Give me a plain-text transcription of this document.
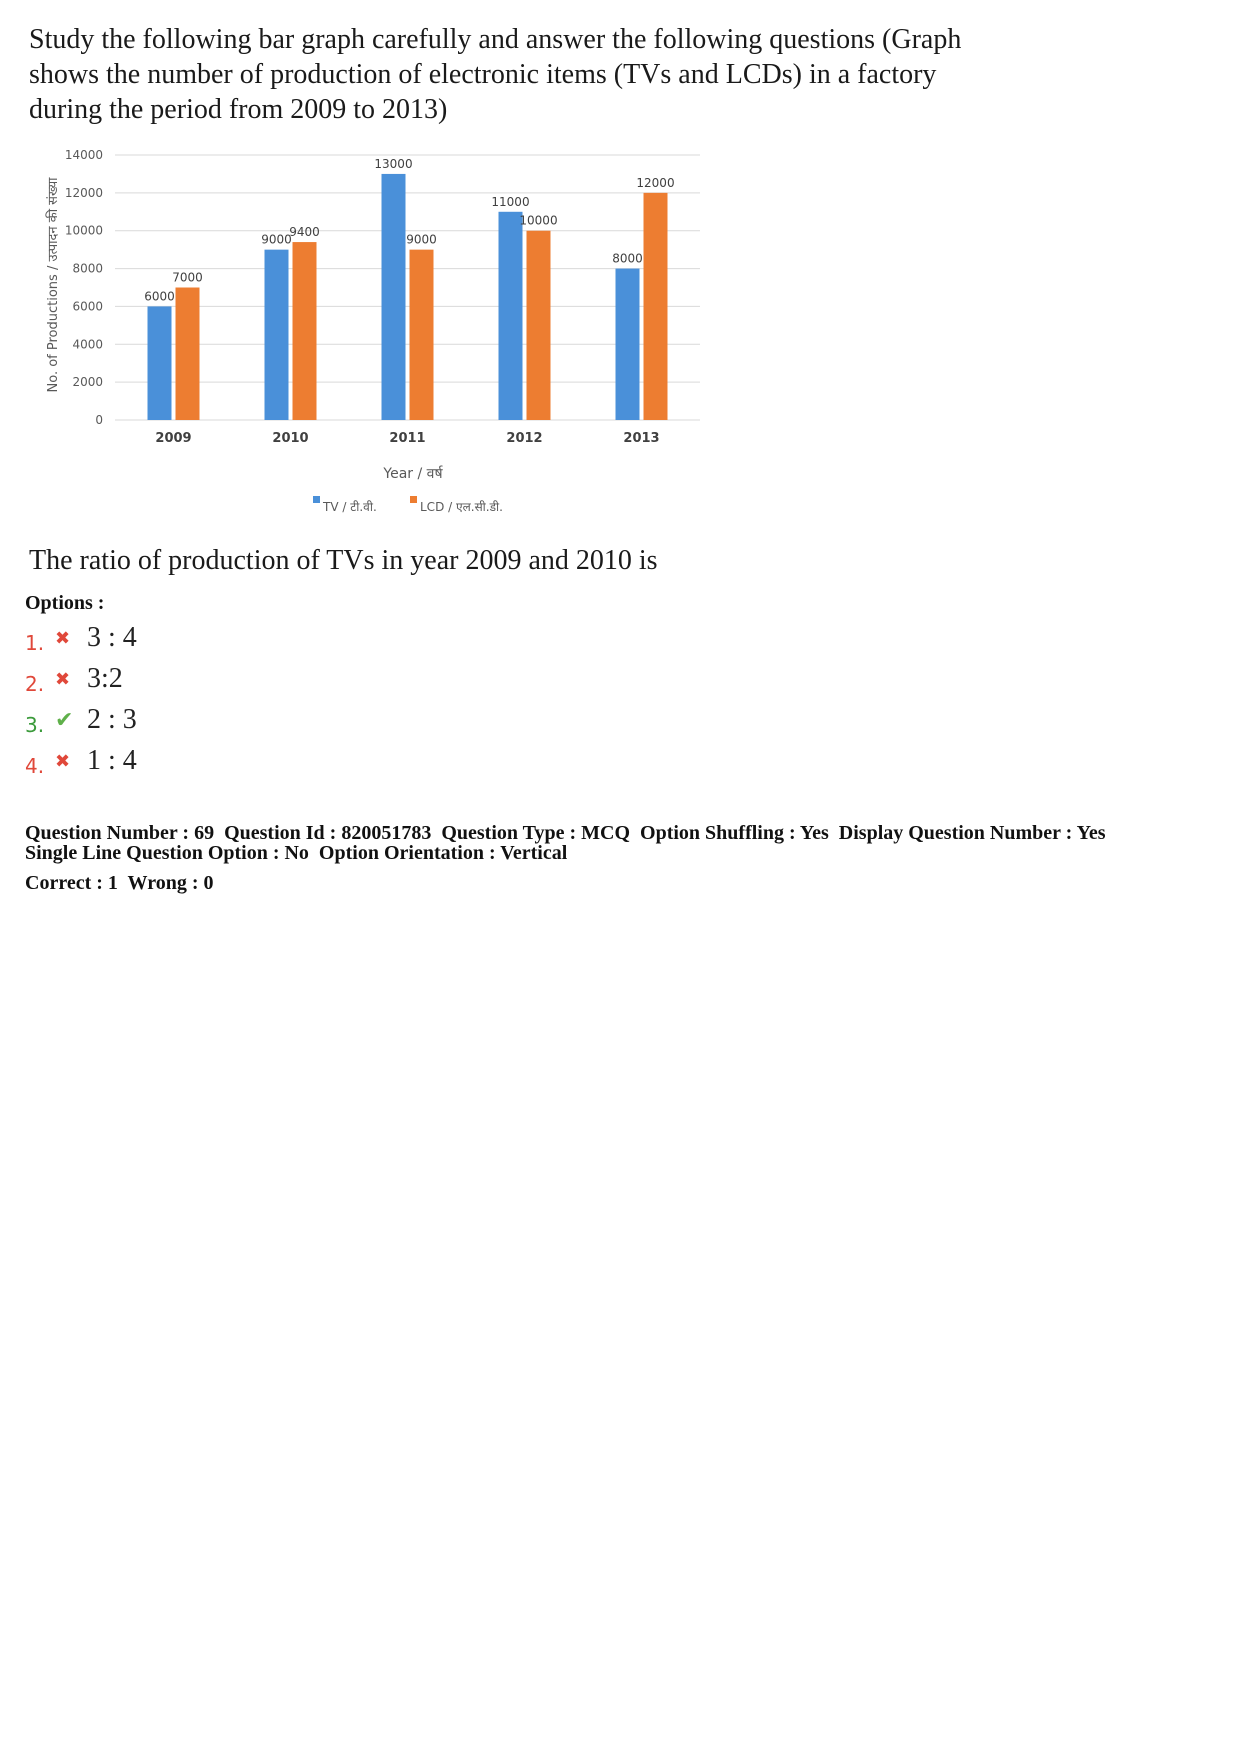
Study the following bar graph carefully and answer the following questions (Graph
shows the number of production of electronic items (TVs and LCDs) in a factory
during the period from 2009 to 2013)
6000
7000
9000
9400
13000
9000
11000
10000
8000
12000
0
2000
4000
6000
8000
10000
12000
14000
2009	2010	2011	2012	2013
No. of Productions / उत्पादन की संख्या
Year / वर्ष
TV / टी.वी.	LCD / एल.सी.डी.
The ratio of production of TVs in year 2009 and 2010 is
Options :
1. ✖ 3 : 4
2. ✖ 3:2
3. ✔ 2 : 3
4. ✖ 1 : 4
Question Number : 69  Question Id : 820051783  Question Type : MCQ  Option Shuffling : Yes  Display Question Number : Yes
Single Line Question Option : No  Option Orientation : Vertical
Correct : 1  Wrong : 0
